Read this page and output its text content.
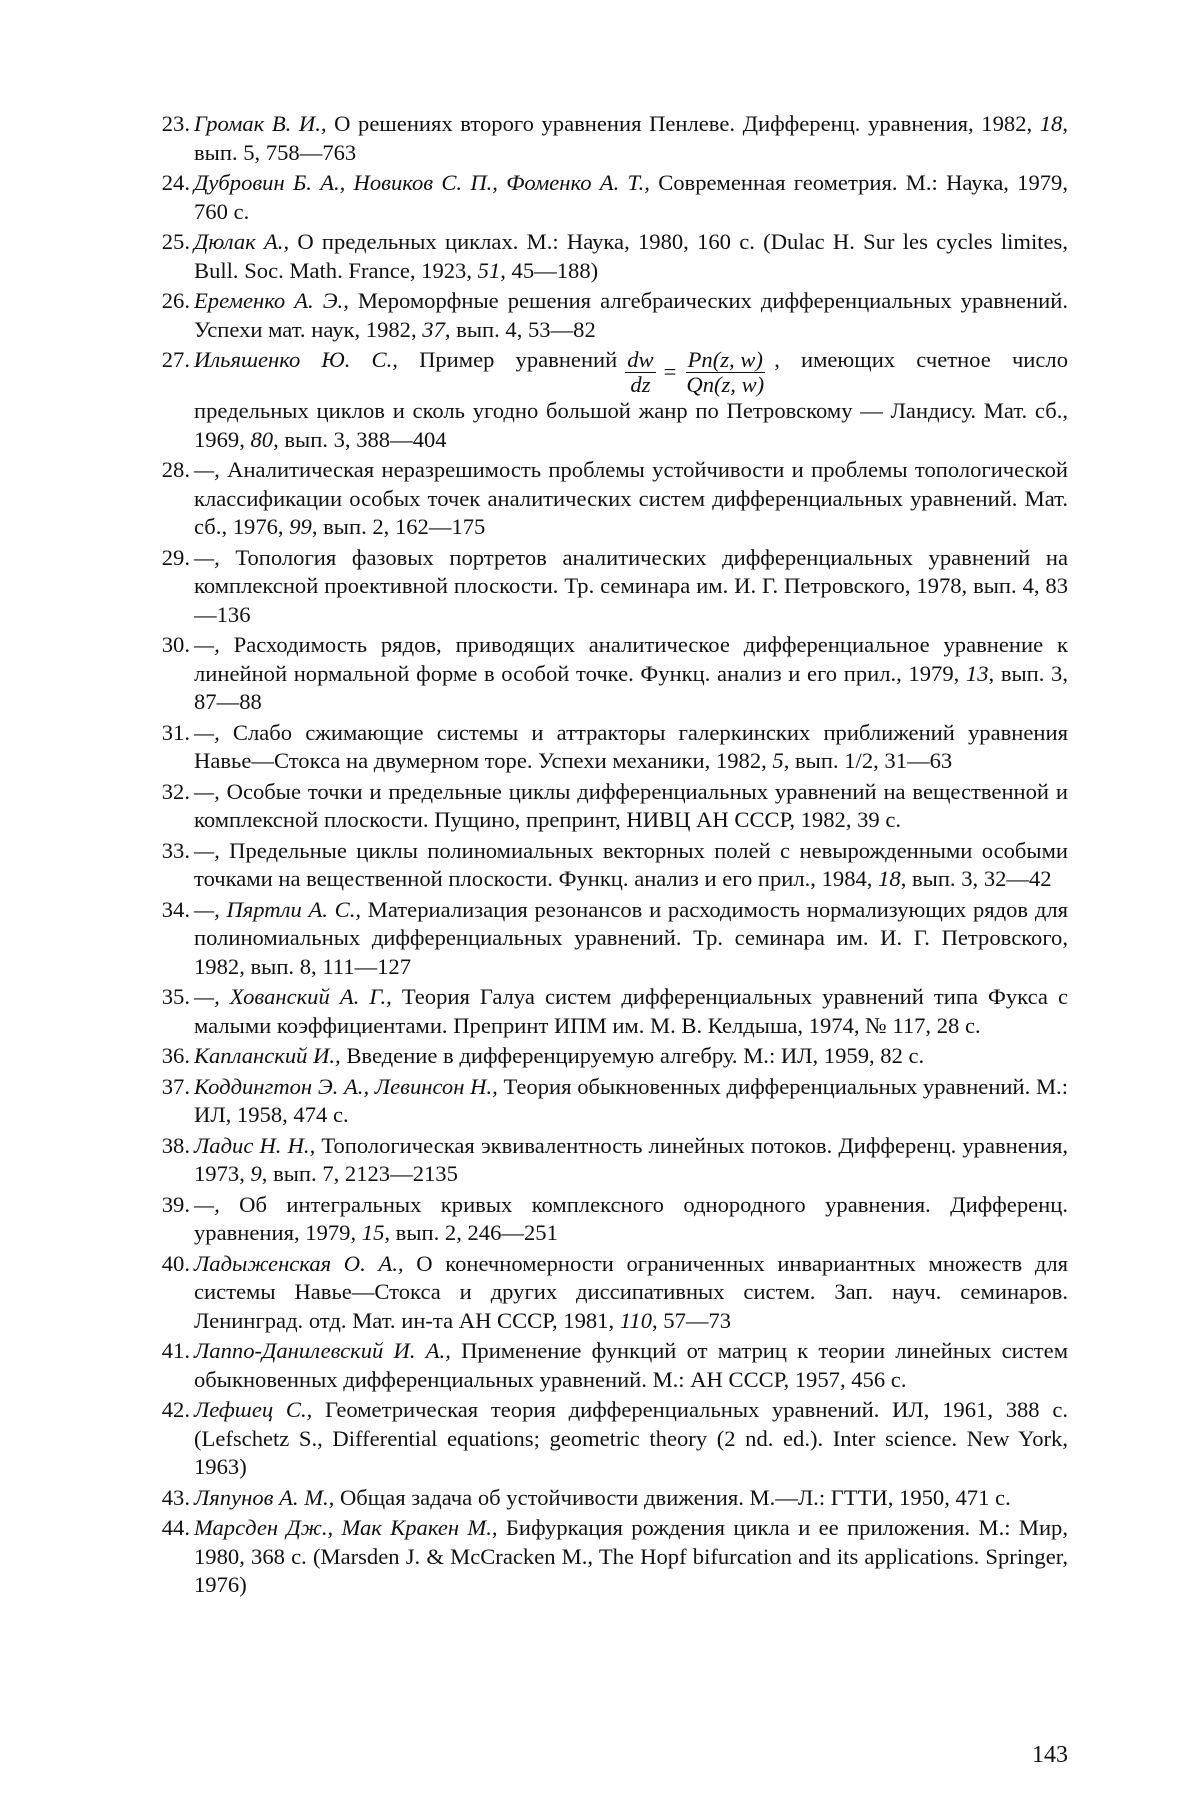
23 . Громак В. И., О решениях второго уравнения Пенлеве. Дифференц. уравнения, 1982, 18, вып. 5, 758—763
24 . Дубровин Б. А., Новиков С. П., Фоменко А. Т., Современная геометрия. М.: Наука, 1979, 760 с.
25 . Дюлак А., О предельных циклах. М.: Наука, 1980, 160 с. (Dulac H. Sur les cycles limites, Bull. Soc. Math. France, 1923, 51, 45—188)
26 . Еременко А. Э., Мероморфные решения алгебраических дифференциальных уравнений. Успехи мат. наук, 1982, 37, вып. 4, 53—82
27 . Ильяшенко Ю. С., Пример уравнений $\frac{dw}{dz} = \frac{Pn(z, w)}{Qn(z, w)}$ , имеющих счетное число предельных циклов и сколь угодно большой жанр по Петровскому — Ландису. Мат. сб., 1969, 80, вып. 3, 388—404
28 . —, Аналитическая неразрешимость проблемы устойчивости и проблемы топологической классификации особых точек аналитических систем дифференциальных уравнений. Мат. сб., 1976, 99, вып. 2, 162—175
29 . —, Топология фазовых портретов аналитических дифференциальных уравнений на комплексной проективной плоскости. Тр. семинара им. И. Г. Петровского, 1978, вып. 4, 83—136
30 . —, Расходимость рядов, приводящих аналитическое дифференциальное уравнение к линейной нормальной форме в особой точке. Функц. анализ и его прил., 1979, 13, вып. 3, 87—88
31 . —, Слабо сжимающие системы и аттракторы галеркинских приближений уравнения Навье—Стокса на двумерном торе. Успехи механики, 1982, 5, вып. 1/2, 31—63
32 . —, Особые точки и предельные циклы дифференциальных уравнений на вещественной и комплексной плоскости. Пущино, препринт, НИВЦ АН СССР, 1982, 39 с.
33 . —, Предельные циклы полиномиальных векторных полей с невырожденными особыми точками на вещественной плоскости. Функц. анализ и его прил., 1984, 18, вып. 3, 32—42
34 . —, Пяртли А. С., Материализация резонансов и расходимость нормализующих рядов для полиномиальных дифференциальных уравнений. Тр. семинара им. И. Г. Петровского, 1982, вып. 8, 111—127
35 . —, Хованский А. Г., Теория Галуа систем дифференциальных уравнений типа Фукса с малыми коэффициентами. Препринт ИПМ им. М. В. Келдыша, 1974, № 117, 28 с.
36 . Капланский И., Введение в дифференцируемую алгебру. М.: ИЛ, 1959, 82 с.
37 . Коддингтон Э. А., Левинсон Н., Теория обыкновенных дифференциальных уравнений. М.: ИЛ, 1958, 474 с.
38 . Ладис Н. Н., Топологическая эквивалентность линейных потоков. Дифференц. уравнения, 1973, 9, вып. 7, 2123—2135
39 . —, Об интегральных кривых комплексного однородного уравнения. Дифференц. уравнения, 1979, 15, вып. 2, 246—251
40 . Ладыженская О. А., О конечномерности ограниченных инвариантных множеств для системы Навье—Стокса и других диссипативных систем. Зап. науч. семинаров. Ленинград. отд. Мат. ин-та АН СССР, 1981, 110, 57—73
41 . Лаппо-Данилевский И. А., Применение функций от матриц к теории линейных систем обыкновенных дифференциальных уравнений. М.: АН СССР, 1957, 456 с.
42 . Лефшец С., Геометрическая теория дифференциальных уравнений. ИЛ, 1961, 388 с. (Lefschetz S., Differential equations; geometric theory (2 nd. ed.). Inter science. New York, 1963)
43 . Ляпунов А. М., Общая задача об устойчивости движения. М.—Л.: ГТТИ, 1950, 471 с.
44 . Марсден Дж., Мак Кракен М., Бифуркация рождения цикла и ее приложения. М.: Мир, 1980, 368 с. (Marsden J. & McCracken M., The Hopf bifurcation and its applications. Springer, 1976)
143
